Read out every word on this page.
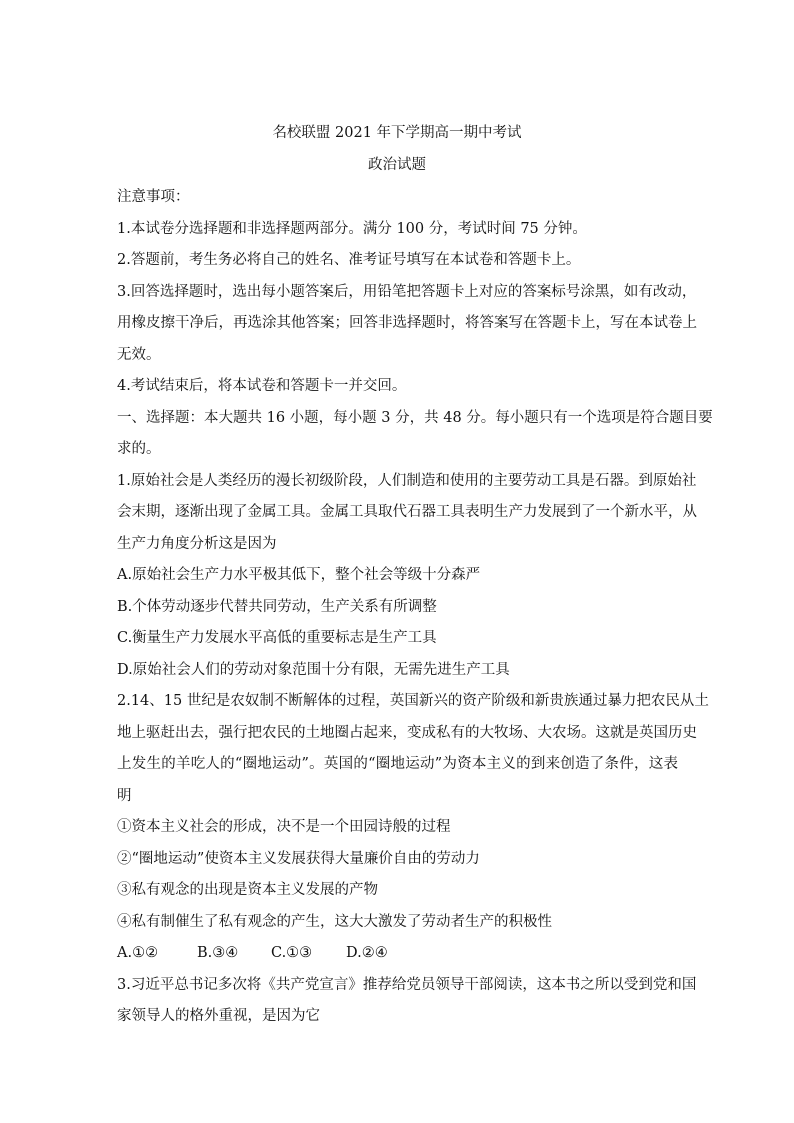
名校联盟 2021 年下学期高一期中考试
政治试题
注意事项：
1.本试卷分选择题和非选择题两部分。满分 100 分，考试时间 75 分钟。
2.答题前，考生务必将自己的姓名、准考证号填写在本试卷和答题卡上。
3.回答选择题时，选出每小题答案后，用铅笔把答题卡上对应的答案标号涂黑，如有改动，
用橡皮擦干净后，再选涂其他答案；回答非选择题时，将答案写在答题卡上，写在本试卷上
无效。
4.考试结束后，将本试卷和答题卡一并交回。
一、选择题：本大题共 16 小题，每小题 3 分，共 48 分。每小题只有一个选项是符合题目要
求的。
1.原始社会是人类经历的漫长初级阶段，人们制造和使用的主要劳动工具是石器。到原始社
会末期，逐渐出现了金属工具。金属工具取代石器工具表明生产力发展到了一个新水平，从
生产力角度分析这是因为
A.原始社会生产力水平极其低下，整个社会等级十分森严
B.个体劳动逐步代替共同劳动，生产关系有所调整
C.衡量生产力发展水平高低的重要标志是生产工具
D.原始社会人们的劳动对象范围十分有限，无需先进生产工具
2.14、15 世纪是农奴制不断解体的过程，英国新兴的资产阶级和新贵族通过暴力把农民从土
地上驱赶出去，强行把农民的土地圈占起来，变成私有的大牧场、大农场。这就是英国历史
上发生的羊吃人的“圈地运动”。英国的“圈地运动”为资本主义的到来创造了条件，这表
明
①资本主义社会的形成，决不是一个田园诗般的过程
②“圈地运动”使资本主义发展获得大量廉价自由的劳动力
③私有观念的出现是资本主义发展的产物
④私有制催生了私有观念的产生，这大大激发了劳动者生产的积极性
A.①②	B.③④ C.①③ D.②④
3.习近平总书记多次将《共产党宣言》推荐给党员领导干部阅读，这本书之所以受到党和国
家领导人的格外重视，是因为它
